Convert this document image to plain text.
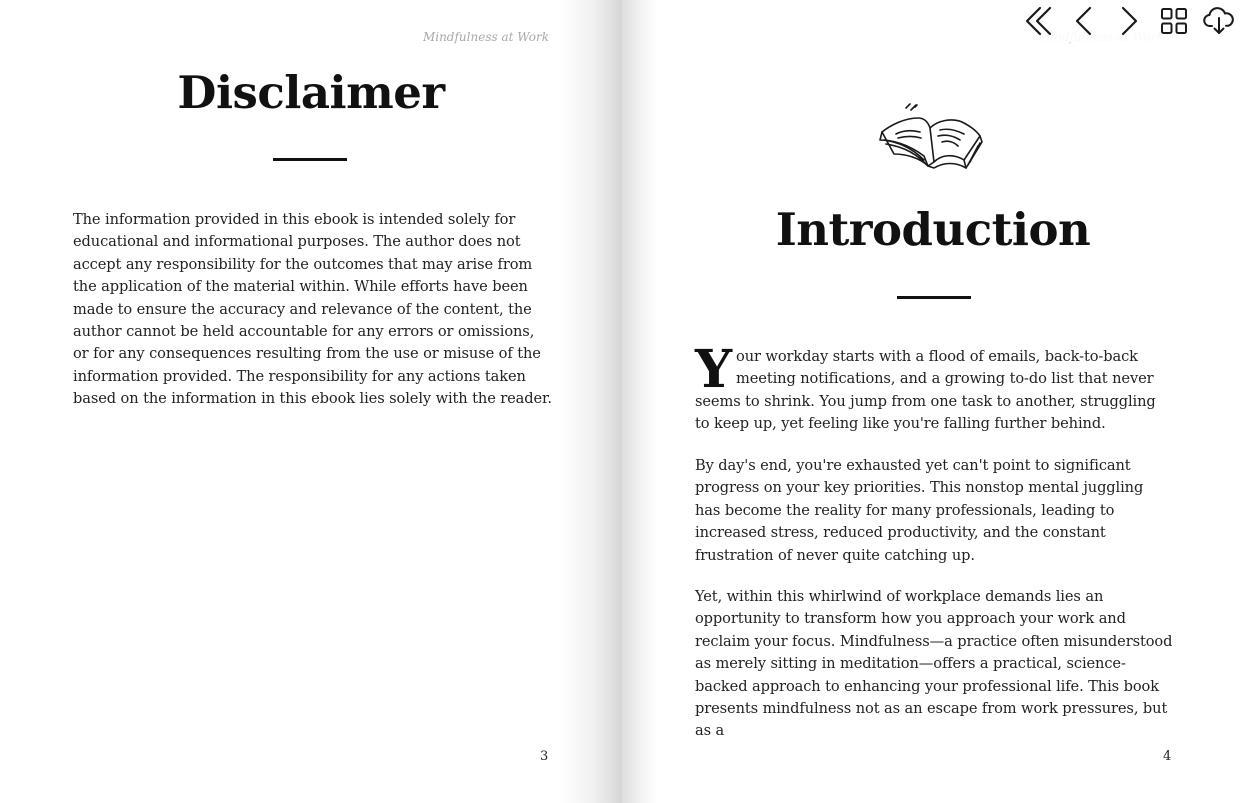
Mindfulness at Work
Disclaimer

The information provided in this ebook is intended solely for educational and informational purposes. The author does not accept any responsibility for the outcomes that may arise from the application of the material within. While efforts have been made to ensure the accuracy and relevance of the content, the author cannot be held accountable for any errors or omissions, or for any consequences resulting from the use or misuse of the information provided. The responsibility for any actions taken based on the information in this ebook lies solely with the reader.

3
Introduction

Your workday starts with a flood of emails, back-to-back meeting notifications, and a growing to-do list that never seems to shrink. You jump from one task to another, struggling to keep up, yet feeling like you're falling further behind.

By day's end, you're exhausted yet can't point to significant progress on your key priorities. This nonstop mental juggling has become the reality for many professionals, leading to increased stress, reduced productivity, and the constant frustration of never quite catching up.

Yet, within this whirlwind of workplace demands lies an opportunity to transform how you approach your work and reclaim your focus. Mindfulness—a practice often misunderstood as merely sitting in meditation—offers a practical, science-backed approach to enhancing your professional life. This book presents mindfulness not as an escape from work pressures, but as a

4
